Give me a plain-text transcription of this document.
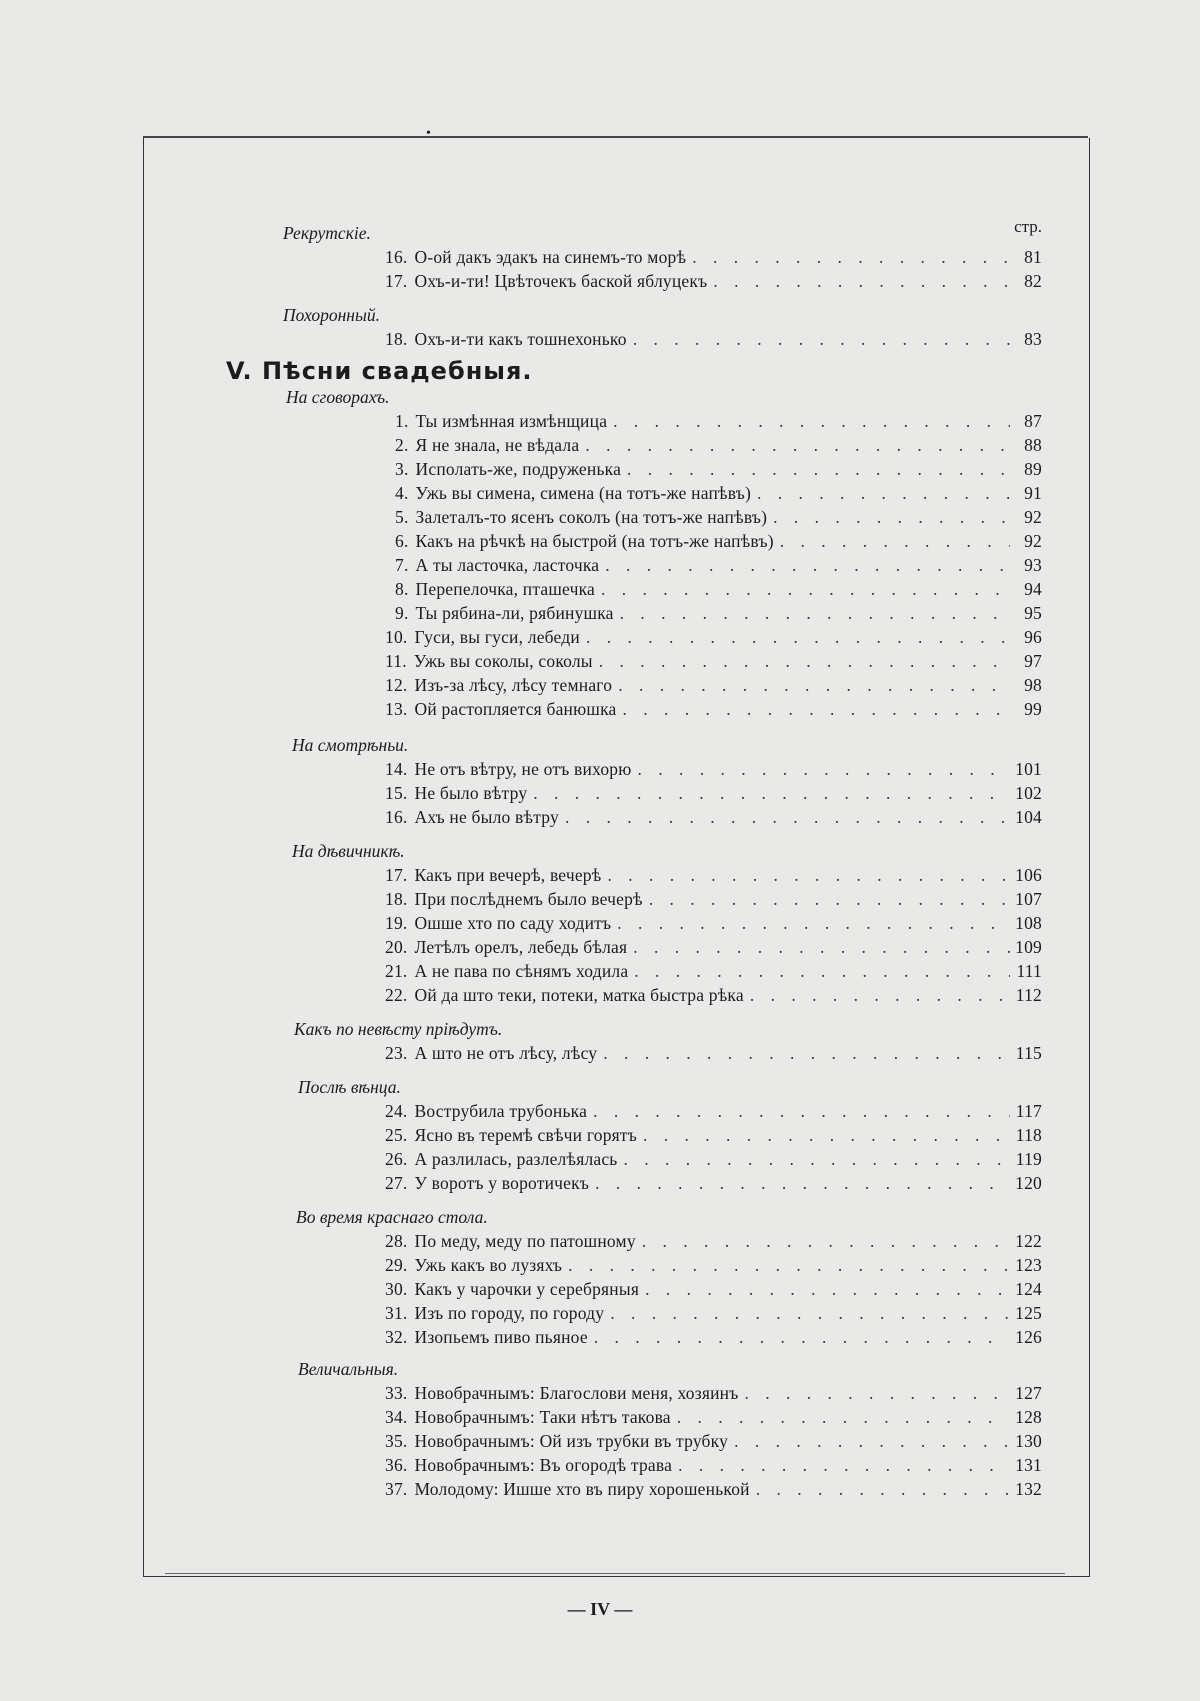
•
Рекрутскiе.
16. О-ой дакъ эдакъ на синемъ-то морѣ . . .	81
17. Охъ-и-ти! Цвѣточекъ баской яблуцекъ . . .	82
Похоронный.
18. Охъ-и-ти какъ тошнехонько . . .	83
V. Пѣсни свадебныя.
На сговорахъ.
1. Ты измѣнная измѣнщица . . .	87
2. Я не знала, не вѣдала . . .	88
3. Исполать-же, подруженька . . .	89
4. Ужь вы симена, симена (на тотъ-же напѣвъ) . . .	91
5. Залеталъ-то ясенъ соколъ (на тотъ-же напѣвъ) . . .	92
6. Какъ на рѣчкѣ на быстрой (на тотъ-же напѣвъ) . . .	92
7. А ты ласточка, ласточка . . .	93
8. Перепелочка, пташечка . . .	94
9. Ты рябина-ли, рябинушка . . .	95
10. Гуси, вы гуси, лебеди . . .	96
11. Ужь вы соколы, соколы . . .	97
12. Изъ-за лѣсу, лѣсу темнаго . . .	98
13. Ой растопляется банюшка . . .	99
На смотрѣньи.
14. Не отъ вѣтру, не отъ вихорю . . .	101
15. Не было вѣтру . . .	102
16. Ахъ не было вѣтру . . .	104
На дѣвичникѣ.
17. Какъ при вечерѣ, вечерѣ . . .	106
18. При послѣднемъ было вечерѣ . . .	107
19. Ошше хто по саду ходитъ . . .	108
20. Летѣлъ орелъ, лебедь бѣлая . . .	109
21. А не пава по сѣнямъ ходила . . .	111
22. Ой да што теки, потеки, матка быстра рѣка . . .	112
Какъ по невѣсту прiѣдутъ.
23. А што не отъ лѣсу, лѣсу . . .	115
Послѣ вѣнца.
24. Вострубила трубонька . . .	117
25. Ясно въ теремѣ свѣчи горятъ . . .	118
26. А разлилась, разлелѣялась . . .	119
27. У воротъ у воротичекъ . . .	120
Во время краснаго стола.
28. По меду, меду по патошному . . .	122
29. Ужь какъ во лузяхъ . . .	123
30. Какъ у чарочки у серебряныя . . .	124
31. Изъ по городу, по городу . . .	125
32. Изопьемъ пиво пьяное . . .	126
Величальныя.
33. Новобрачнымъ: Благослови меня, хозяинъ . . .	127
34. Новобрачнымъ: Таки нѣтъ такова . . .	128
35. Новобрачнымъ: Ой изъ трубки въ трубку . . .	130
36. Новобрачнымъ: Въ огородѣ трава . . .	131
37. Молодому: Ишше хто въ пиру хорошенькой . . .	132
стр.
— IV —
